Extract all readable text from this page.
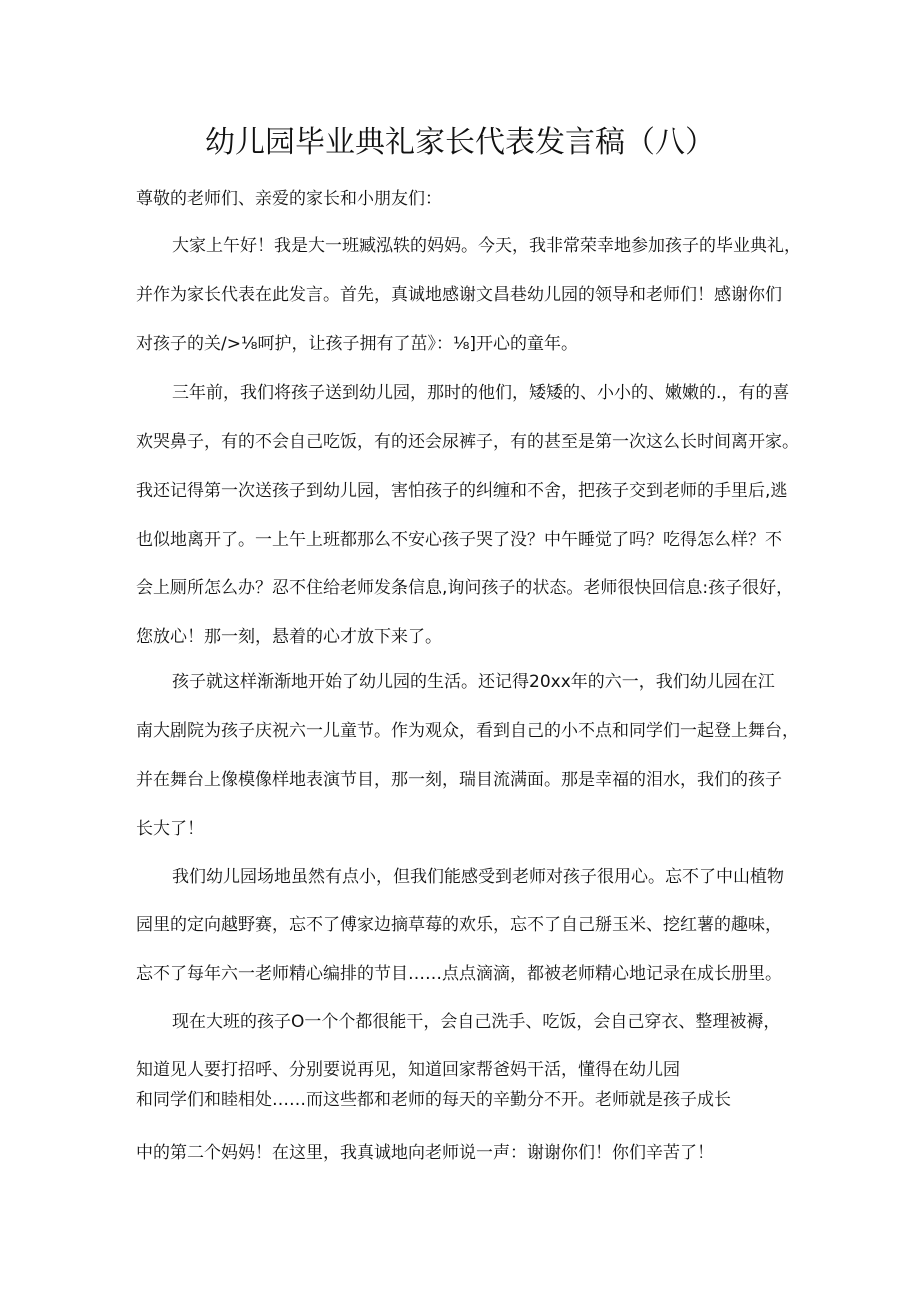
幼儿园毕业典礼家长代表发言稿（八）
尊敬的老师们、亲爱的家长和小朋友们：
大家上午好！我是大一班臧泓轶的妈妈。今天，我非常荣幸地参加孩子的毕业典礼，
并作为家长代表在此发言。首先，真诚地感谢文昌巷幼儿园的领导和老师们！感谢你们
对孩子的关/>⅛呵护，让孩子拥有了茁》：⅛]开心的童年。
三年前，我们将孩子送到幼儿园，那时的他们，矮矮的、小小的、嫩嫩的.，有的喜
欢哭鼻子，有的不会自己吃饭，有的还会尿裤子，有的甚至是第一次这么长时间离开家。
我还记得第一次送孩子到幼儿园，害怕孩子的纠缠和不舍，把孩子交到老师的手里后,逃
也似地离开了。一上午上班都那么不安心孩子哭了没？中午睡觉了吗？吃得怎么样？不
会上厕所怎么办？忍不住给老师发条信息,询问孩子的状态。老师很快回信息:孩子很好，
您放心！那一刻，悬着的心才放下来了。
孩子就这样渐渐地开始了幼儿园的生活。还记得20xx年的六一，我们幼儿园在江
南大剧院为孩子庆祝六一儿童节。作为观众，看到自己的小不点和同学们一起登上舞台，
并在舞台上像模像样地表演节目，那一刻，瑞目流满面。那是幸福的泪水，我们的孩子
长大了！
我们幼儿园场地虽然有点小，但我们能感受到老师对孩子很用心。忘不了中山植物
园里的定向越野赛，忘不了傅家边摘草莓的欢乐，忘不了自己掰玉米、挖红薯的趣味，
忘不了每年六一老师精心编排的节目……点点滴滴，都被老师精心地记录在成长册里。
现在大班的孩子O一个个都很能干，会自己洗手、吃饭，会自己穿衣、整理被褥，
知道见人要打招呼、分别要说再见，知道回家帮爸妈干活，懂得在幼儿园
和同学们和睦相处……而这些都和老师的每天的辛勤分不开。老师就是孩子成长
中的第二个妈妈！在这里，我真诚地向老师说一声：谢谢你们！你们辛苦了！
